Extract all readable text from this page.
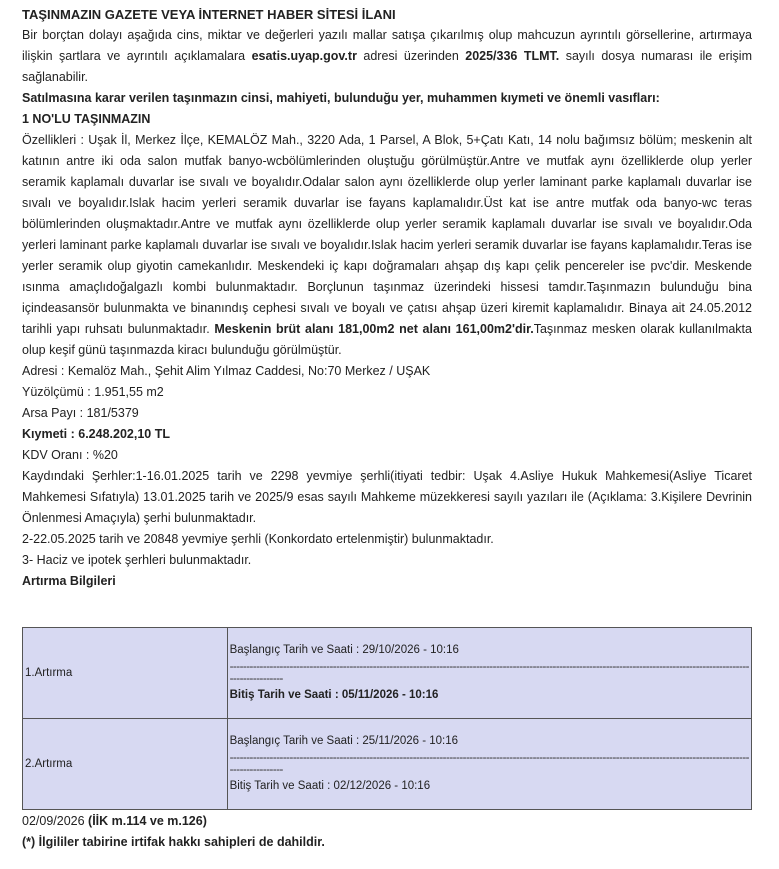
TAŞINMAZIN GAZETE VEYA İNTERNET HABER SİTESİ İLANI

Bir borçtan dolayı aşağıda cins, miktar ve değerleri yazılı mallar satışa çıkarılmış olup mahcuzun ayrıntılı görsellerine, artırmaya ilişkin şartlara ve ayrıntılı açıklamalara esatis.uyap.gov.tr adresi üzerinden 2025/336 TLMT. sayılı dosya numarası ile erişim sağlanabilir.

Satılmasına karar verilen taşınmazın cinsi, mahiyeti, bulunduğu yer, muhammen kıymeti ve önemli vasıfları:
1 NO'LU TAŞINMAZIN

Özellikleri : Uşak İl, Merkez İlçe, KEMALÖZ Mah., 3220 Ada, 1 Parsel, A Blok, 5+Çatı Katı, 14 nolu bağımsız bölüm; meskenin alt katının antre iki oda salon mutfak banyo-wcbölümlerinden oluştuğu görülmüştür.Antre ve mutfak aynı özelliklerde olup yerler seramik kaplamalı duvarlar ise sıvalı ve boyalıdır.Odalar salon aynı özelliklerde olup yerler laminant parke kaplamalı duvarlar ise sıvalı ve boyalıdır.Islak hacim yerleri seramik duvarlar ise fayans kaplamalıdır.Üst kat ise antre mutfak oda banyo-wc teras bölümlerinden oluşmaktadır.Antre ve mutfak aynı özelliklerde olup yerler seramik kaplamalı duvarlar ise sıvalı ve boyalıdır.Oda yerleri laminant parke kaplamalı duvarlar ise sıvalı ve boyalıdır.Islak hacim yerleri seramik duvarlar ise fayans kaplamalıdır.Teras ise yerler seramik olup giyotin camekanlıdır. Meskendeki iç kapı doğramaları ahşap dış kapı çelik pencereler ise pvc'dir. Meskende ısınma amaçlıdoğalgazlı kombi bulunmaktadır. Borçlunun taşınmaz üzerindeki hissesi tamdır.Taşınmazın bulunduğu bina içindeasansör bulunmakta ve binanındış cephesi sıvalı ve boyalı ve çatısı ahşap üzeri kiremit kaplamalıdır. Binaya ait 24.05.2012 tarihli yapı ruhsatı bulunmaktadır. Meskenin brüt alanı 181,00m2 net alanı 161,00m2'dir.Taşınmaz mesken olarak kullanılmakta olup keşif günü taşınmazda kiracı bulunduğu görülmüştür.

Adresi : Kemalöz Mah., Şehit Alim Yılmaz Caddesi, No:70 Merkez / UŞAK
Yüzölçümü : 1.951,55 m2
Arsa Payı : 181/5379
Kıymeti : 6.248.202,10 TL
KDV Oranı : %20

Kaydındaki Şerhler:1-16.01.2025 tarih ve 2298 yevmiye şerhli(itiyati tedbir: Uşak 4.Asliye Hukuk Mahkemesi(Asliye Ticaret Mahkemesi Sıfatıyla) 13.01.2025 tarih ve 2025/9 esas sayılı Mahkeme müzekkeresi sayılı yazıları ile (Açıklama: 3.Kişilere Devrinin Önlenmesi Amaçıyla) şerhi bulunmaktadır.

2-22.05.2025 tarih ve 20848 yevmiye şerhli (Konkordato ertelenmiştir) bulunmaktadır.
3- Haciz ve ipotek şerhleri bulunmaktadır.
Artırma Bilgileri
1.Artırma	Başlangıç Tarih ve Saati : 29/10/2026 - 10:16
------------------------------------------------------------------------------------------------------------------------------------------------------------
----------------
Bitiş Tarih ve Saati : 05/11/2026 - 10:16

2.Artırma	Başlangıç Tarih ve Saati : 25/11/2026 - 10:16
------------------------------------------------------------------------------------------------------------------------------------------------------------
----------------
Bitiş Tarih ve Saati : 02/12/2026 - 10:16
02/09/2026 (İİK m.114 ve m.126)
(*) İlgililer tabirine irtifak hakkı sahipleri de dahildir.
